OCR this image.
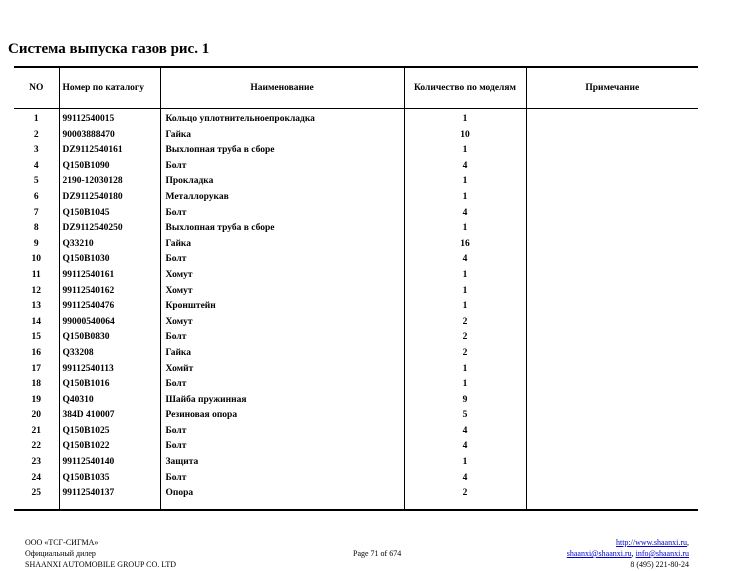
Система выпуска газов рис. 1
NO	Номер по каталогу	Наименование	Количество по моделям	Примечание
1	99112540015	Кольцо уплотнительноепрокладка	1	
2	90003888470	Гайка	10	
3	DZ9112540161	Выхлопная труба в сборе	1	
4	Q150B1090	Болт	4	
5	2190-12030128	Прокладка	1	
6	DZ9112540180	Металлорукав	1	
7	Q150B1045	Болт	4	
8	DZ9112540250	Выхлопная труба в сборе	1	
9	Q33210	Гайка	16	
10	Q150B1030	Болт	4	
11	99112540161	Хомут	1	
12	99112540162	Хомут	1	
13	99112540476	Кронштейн	1	
14	99000540064	Хомут	2	
15	Q150B0830	Болт	2	
16	Q33208	Гайка	2	
17	99112540113	Хомйт	1	
18	Q150B1016	Болт	1	
19	Q40310	Шайба пружинная	9	
20	384D 410007	Резиновая опора	5	
21	Q150B1025	Болт	4	
22	Q150B1022	Болт	4	
23	99112540140	Защита	1	
24	Q150B1035	Болт	4	
25	99112540137	Опора	2	

ООО «ТСГ-СИГМА»
Официальный дилер
SHAANXI AUTOMOBILE GROUP CO. LTD
Page 71 of 674
http://www.shaanxi.ru,
shaanxi@shaanxi.ru, info@shaanxi.ru
8 (495) 221-80-24
